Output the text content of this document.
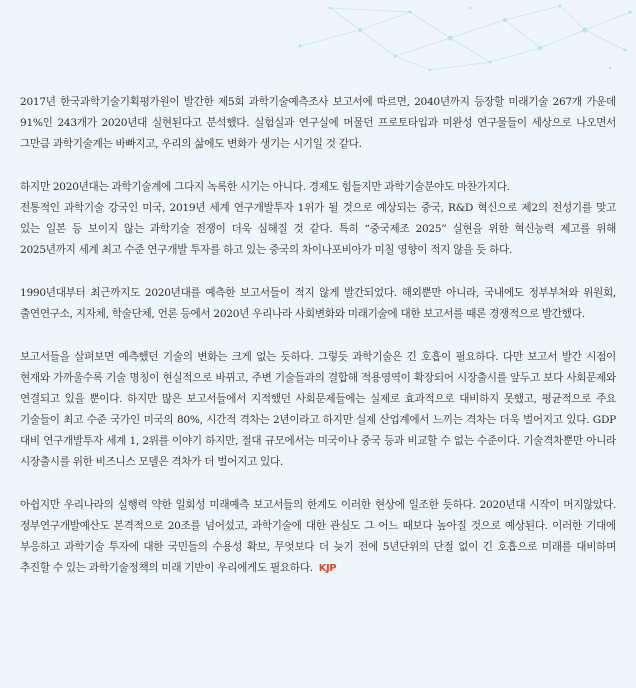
2017년 한국과학기술기획평가원이 발간한 제5회 과학기술예측조사 보고서에 따르면, 2040년까지 등장할 미래기술 267개 가운데 91%인 243개가 2020년대 실현된다고 분석했다. 실험실과 연구실에 머물던 프로토타입과 미완성 연구물들이 세상으로 나오면서 그만큼 과학기술계는 바빠지고, 우리의 삶에도 변화가 생기는 시기일 것 같다.

하지만 2020년대는 과학기술계에 그다지 녹록한 시기는 아니다. 경제도 힘들지만 과학기술분야도 마찬가지다.

전통적인 과학기술 강국인 미국, 2019년 세계 연구개발투자 1위가 될 것으로 예상되는 중국, R&D 혁신으로 제2의 전성기를 맞고 있는 일본 등 보이지 않는 과학기술 전쟁이 더욱 심해질 것 같다. 특히 “중국제조 2025” 실현을 위한 혁신능력 제고를 위해 2025년까지 세계 최고 수준 연구개발 투자를 하고 있는 중국의 차이나포비아가 미칠 영향이 적지 않을 듯 하다.

1990년대부터 최근까지도 2020년대를 예측한 보고서들이 적지 않게 발간되었다. 해외뿐만 아니라, 국내에도 정부부처와 위원회, 출연연구소, 지자체, 학술단체, 언론 등에서 2020년 우리나라 사회변화와 미래기술에 대한 보고서를 때론 경쟁적으로 발간했다.

보고서들을 살펴보면 예측했던 기술의 변화는 크게 없는 듯하다. 그렇듯 과학기술은 긴 호흡이 필요하다. 다만 보고서 발간 시점이 현재와 가까울수록 기술 명칭이 현실적으로 바뀌고, 주변 기술들과의 결합해 적용영역이 확장되어 시장출시를 앞두고 보다 사회문제와 연결되고 있을 뿐이다. 하지만 많은 보고서들에서 지적했던 사회문제들에는 실제로 효과적으로 대비하지 못했고, 평균적으로 주요 기술들이 최고 수준 국가인 미국의 80%, 시간적 격차는 2년이라고 하지만 실제 산업계에서 느끼는 격차는 더욱 벌어지고 있다. GDP 대비 연구개발투자 세계 1, 2위를 이야기 하지만, 절대 규모에서는 미국이나 중국 등과 비교할 수 없는 수준이다. 기술격차뿐만 아니라 시장출시를 위한 비즈니스 모델은 격차가 더 벌어지고 있다.

아쉽지만 우리나라의 실행력 약한 일회성 미래예측 보고서들의 한계도 이러한 현상에 일조한 듯하다. 2020년대 시작이 머지않았다. 정부연구개발예산도 본격적으로 20조를 넘어섰고, 과학기술에 대한 관심도 그 어느 때보다 높아질 것으로 예상된다. 이러한 기대에 부응하고 과학기술 투자에 대한 국민들의 수용성 확보, 무엇보다 더 늦기 전에 5년단위의 단절 없이 긴 호흡으로 미래를 대비하며 추진할 수 있는 과학기술정책의 미래 기반이 우리에게도 필요하다. KJP
